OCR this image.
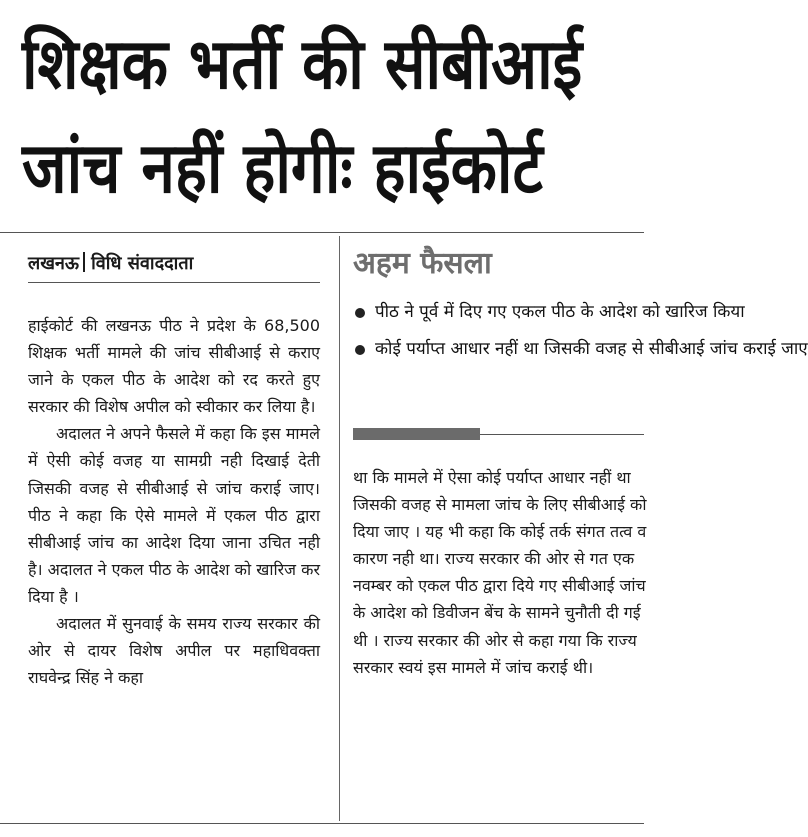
शिक्षक भर्ती की सीबीआई
जांच नहीं होगीः हाईकोर्ट
लखनऊ विधि संवाददाता

हाईकोर्ट की लखनऊ पीठ ने प्रदेश के 68,500 शिक्षक भर्ती मामले की जांच सीबीआई से कराए जाने के एकल पीठ के आदेश को रद करते हुए सरकार की विशेष अपील को स्वीकार कर लिया है।

अदालत ने अपने फैसले में कहा कि इस मामले में ऐसी कोई वजह या सामग्री नही दिखाई देती जिसकी वजह से सीबीआई से जांच कराई जाए। पीठ ने कहा कि ऐसे मामले में एकल पीठ द्वारा सीबीआई जांच का आदेश दिया जाना उचित नही है। अदालत ने एकल पीठ के आदेश को खारिज कर दिया है ।

अदालत में सुनवाई के समय राज्य सरकार की ओर से दायर विशेष अपील पर महाधिवक्ता राघवेन्द्र सिंह ने कहा

अहम फैसला
पीठ ने पूर्व में दिए गए एकल पीठ के आदेश को खारिज किया
कोई पर्याप्त आधार नहीं था जिसकी वजह से सीबीआई जांच कराई जाए

था कि मामले में ऐसा कोई पर्याप्त आधार नहीं था जिसकी वजह से मामला जांच के लिए सीबीआई को दिया जाए । यह भी कहा कि कोई तर्क संगत तत्व व कारण नही था। राज्य सरकार की ओर से गत एक नवम्बर को एकल पीठ द्वारा दिये गए सीबीआई जांच के आदेश को डिवीजन बेंच के सामने चुनौती दी गई थी । राज्य सरकार की ओर से कहा गया कि राज्य सरकार स्वयं इस मामले में जांच कराई थी।
